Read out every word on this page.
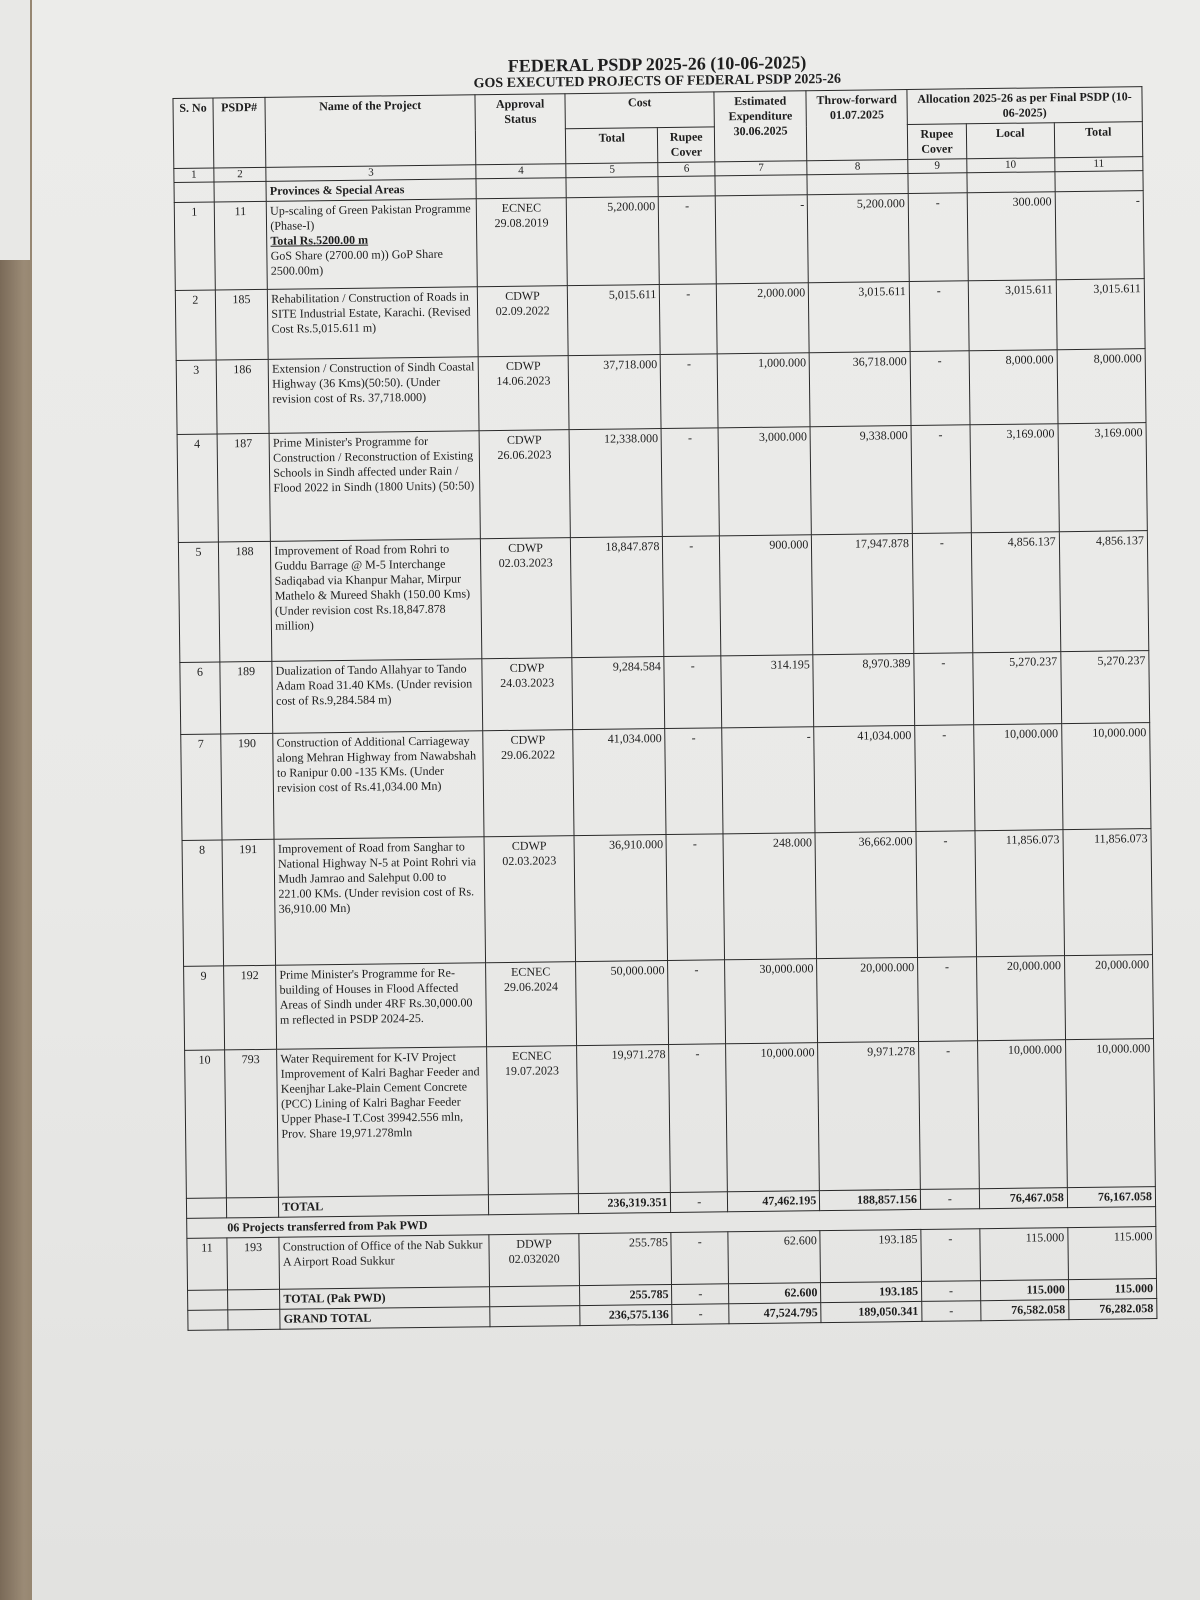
FEDERAL PSDP 2025-26 (10-06-2025)
GOS EXECUTED PROJECTS OF FEDERAL PSDP 2025-26
S. No	PSDP#	Name of the Project	Approval Status	Cost		Estimated Expenditure 30.06.2025	Throw-forward 01.07.2025	Allocation 2025-26 as per Final PSDP (10-06-2025)		
				Total	Rupee Cover			Rupee Cover	Local	Total
1	2	3	4	5	6	7	8	9	10	11
		Provinces & Special Areas								
1	11	Up-scaling of Green Pakistan Programme (Phase-I)
Total Rs.5200.00 m
GoS Share (2700.00 m)) GoP Share 2500.00m)	ECNEC 29.08.2019	5,200.000	-	-	5,200.000	-	300.000	-
2	185	Rehabilitation / Construction of Roads in SITE Industrial Estate, Karachi. (Revised Cost Rs.5,015.611 m)	CDWP 02.09.2022	5,015.611	-	2,000.000	3,015.611	-	3,015.611	3,015.611
3	186	Extension / Construction of Sindh Coastal Highway (36 Kms)(50:50). (Under revision cost of Rs. 37,718.000)	CDWP 14.06.2023	37,718.000	-	1,000.000	36,718.000	-	8,000.000	8,000.000
4	187	Prime Minister's Programme for Construction / Reconstruction of Existing Schools in Sindh affected under Rain / Flood 2022 in Sindh (1800 Units) (50:50)	CDWP 26.06.2023	12,338.000	-	3,000.000	9,338.000	-	3,169.000	3,169.000
5	188	Improvement of Road from Rohri to Guddu Barrage @ M-5 Interchange Sadiqabad via Khanpur Mahar, Mirpur Mathelo & Mureed Shakh (150.00 Kms) (Under revision cost Rs.18,847.878 million)	CDWP 02.03.2023	18,847.878	-	900.000	17,947.878	-	4,856.137	4,856.137
6	189	Dualization of Tando Allahyar to Tando Adam Road 31.40 KMs. (Under revision cost of Rs.9,284.584 m)	CDWP 24.03.2023	9,284.584	-	314.195	8,970.389	-	5,270.237	5,270.237
7	190	Construction of Additional Carriageway along Mehran Highway from Nawabshah to Ranipur 0.00 -135 KMs. (Under revision cost of Rs.41,034.00 Mn)	CDWP 29.06.2022	41,034.000	-	-	41,034.000	-	10,000.000	10,000.000
8	191	Improvement of Road from Sanghar to National Highway N-5 at Point Rohri via Mudh Jamrao and Salehput 0.00 to 221.00 KMs. (Under revision cost of Rs. 36,910.00 Mn)	CDWP 02.03.2023	36,910.000	-	248.000	36,662.000	-	11,856.073	11,856.073
9	192	Prime Minister's Programme for Re-building of Houses in Flood Affected Areas of Sindh under 4RF Rs.30,000.00 m reflected in PSDP 2024-25.	ECNEC 29.06.2024	50,000.000	-	30,000.000	20,000.000	-	20,000.000	20,000.000
10	793	Water Requirement for K-IV Project Improvement of Kalri Baghar Feeder and Keenjhar Lake-Plain Cement Concrete (PCC) Lining of Kalri Baghar Feeder Upper Phase-I T.Cost 39942.556 mln, Prov. Share 19,971.278mln	ECNEC 19.07.2023	19,971.278	-	10,000.000	9,971.278	-	10,000.000	10,000.000
		TOTAL		236,319.351	-	47,462.195	188,857.156	-	76,467.058	76,167.058
06 Projects transferred from Pak PWD										
11	193	Construction of Office of the Nab Sukkur A Airport Road Sukkur	DDWP 02.032020	255.785	-	62.600	193.185	-	115.000	115.000
		TOTAL (Pak PWD)		255.785	-	62.600	193.185	-	115.000	115.000
		GRAND TOTAL		236,575.136	-	47,524.795	189,050.341	-	76,582.058	76,282.058
